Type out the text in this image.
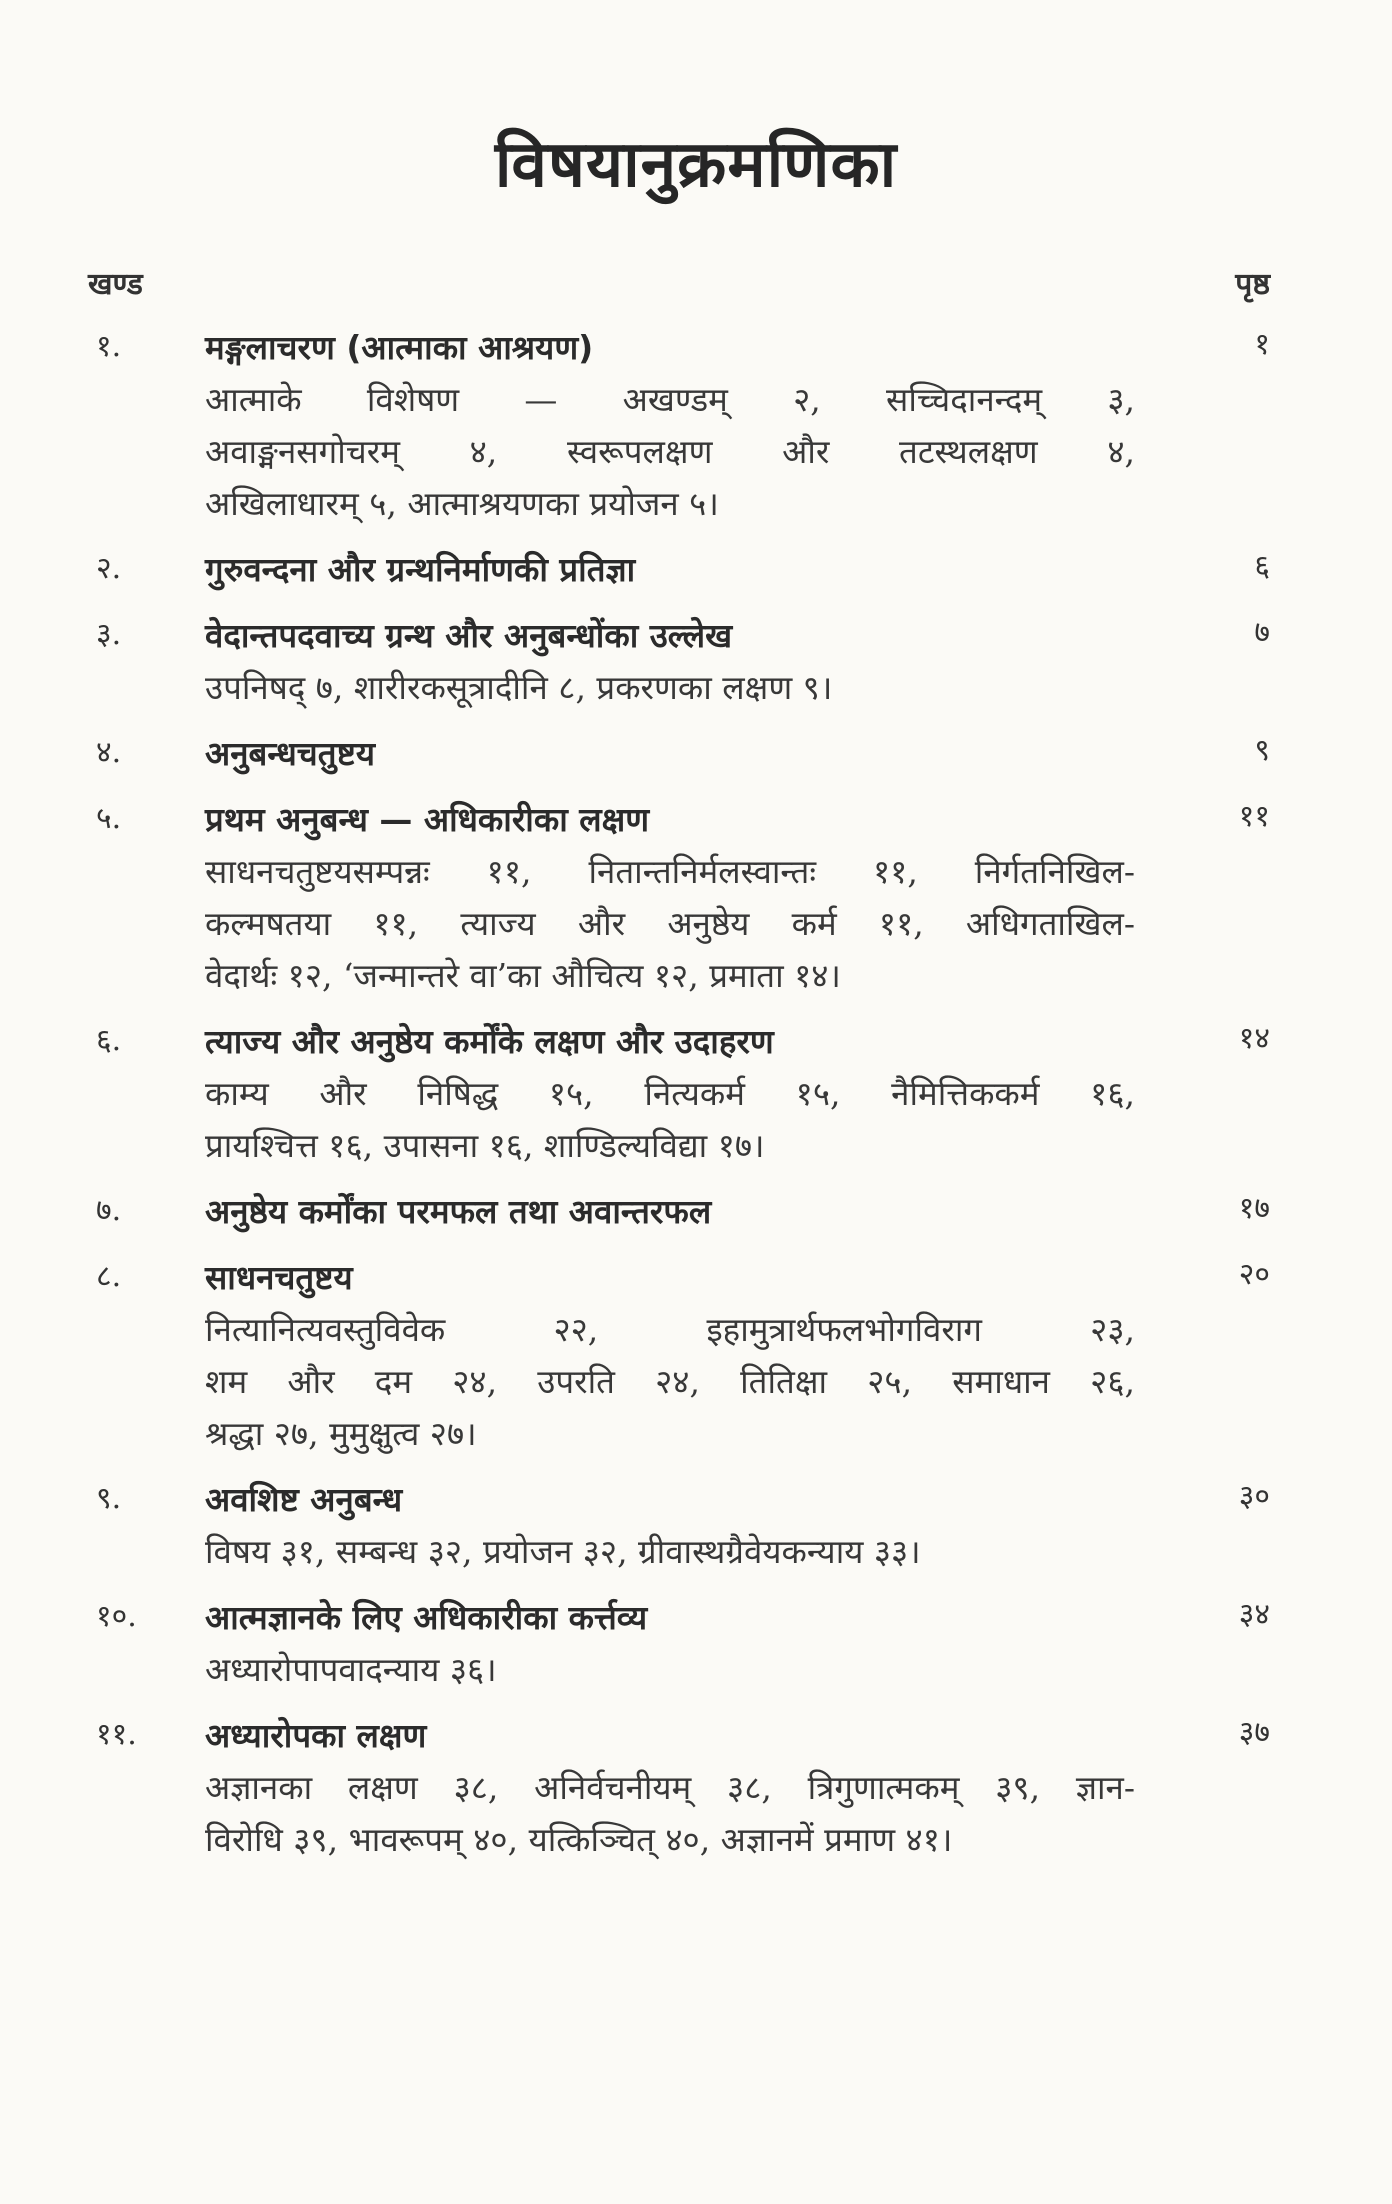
विषयानुक्रमणिका
खण्ड	पृष्ठ
१.	१
मङ्गलाचरण (आत्माका आश्रयण)
आत्माके विशेषण — अखण्डम् २, सच्चिदानन्दम् ३,
अवाङ्मनसगोचरम् ४, स्वरूपलक्षण और तटस्थलक्षण ४,
अखिलाधारम् ५, आत्माश्रयणका प्रयोजन ५।
२.	६
गुरुवन्दना और ग्रन्थनिर्माणकी प्रतिज्ञा
३.	७
वेदान्तपदवाच्य ग्रन्थ और अनुबन्धोंका उल्लेख
उपनिषद् ७, शारीरकसूत्रादीनि ८, प्रकरणका लक्षण ९।
४.	९
अनुबन्धचतुष्टय
५.	११
प्रथम अनुबन्ध — अधिकारीका लक्षण
साधनचतुष्टयसम्पन्नः ११, नितान्तनिर्मलस्वान्तः ११, निर्गतनिखिल-
कल्मषतया ११, त्याज्य और अनुष्ठेय कर्म ११, अधिगताखिल-
वेदार्थः १२, ‘जन्मान्तरे वा’का औचित्य १२, प्रमाता १४।
६.	१४
त्याज्य और अनुष्ठेय कर्मोंके लक्षण और उदाहरण
काम्य और निषिद्ध १५, नित्यकर्म १५, नैमित्तिककर्म १६,
प्रायश्चित्त १६, उपासना १६, शाण्डिल्यविद्या १७।
७.	१७
अनुष्ठेय कर्मोंका परमफल तथा अवान्तरफल
८.	२०
साधनचतुष्टय
नित्यानित्यवस्तुविवेक २२, इहामुत्रार्थफलभोगविराग २३,
शम और दम २४, उपरति २४, तितिक्षा २५, समाधान २६,
श्रद्धा २७, मुमुक्षुत्व २७।
९.	३०
अवशिष्ट अनुबन्ध
विषय ३१, सम्बन्ध ३२, प्रयोजन ३२, ग्रीवास्थग्रैवेयकन्याय ३३।
१०.	३४
आत्मज्ञानके लिए अधिकारीका कर्त्तव्य
अध्यारोपापवादन्याय ३६।
११.	३७
अध्यारोपका लक्षण
अज्ञानका लक्षण ३८, अनिर्वचनीयम् ३८, त्रिगुणात्मकम् ३९, ज्ञान-
विरोधि ३९, भावरूपम् ४०, यत्किञ्चित् ४०, अज्ञानमें प्रमाण ४१।
